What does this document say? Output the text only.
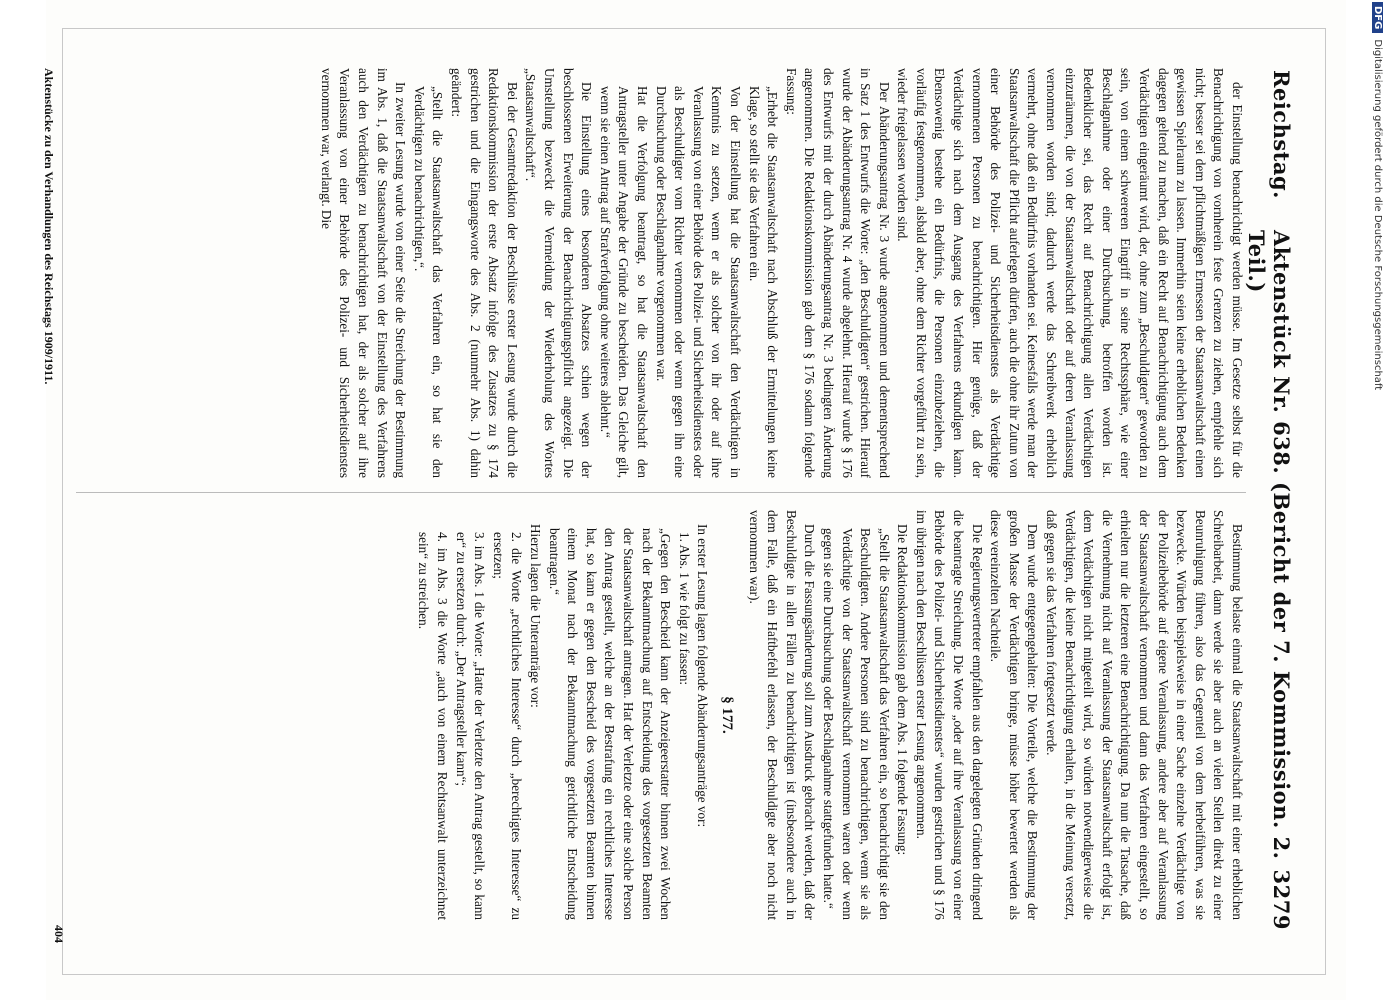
Reichstag.
Aktenstück Nr. 638. (Bericht der 7. Kommission. 2. Teil.)
3279

der Einstellung benachrichtigt werden müsse. Im Gesetze selbst für die Benachrichtigung von vornherein feste Grenzen zu ziehen, empfehle sich nicht; besser sei dem pflichtmäßigen Ermessen der Staatsanwaltschaft einen gewissen Spielraum zu lassen. Immerhin seien keine erheblichen Bedenken dagegen geltend zu machen, daß ein Recht auf Benachrichtigung auch dem Verdächtigen eingeräumt wird, der, ohne zum „Beschuldigten“ geworden zu sein, von einem schwereren Eingriff in seine Rechtssphäre, wie einer Beschlagnahme oder einer Durchsuchung, betroffen worden ist. Bedenklicher sei, das Recht auf Benachrichtigung allen Verdächtigen einzuräumen, die von der Staatsanwaltschaft oder auf deren Veranlassung vernommen worden sind; dadurch werde das Schreibwerk erheblich vermehrt, ohne daß ein Bedürfnis vorhanden sei. Keinesfalls werde man der Staatsanwaltschaft die Pflicht auferlegen dürfen, auch die ohne ihr Zutun von einer Behörde des Polizei- und Sicherheitsdienstes als Verdächtige vernommenen Personen zu benachrichtigen. Hier genüge, daß der Verdächtige sich nach dem Ausgang des Verfahrens erkundigen kann. Ebensowenig bestehe ein Bedürfnis, die Personen einzubeziehen, die vorläufig festgenommen, alsbald aber, ohne dem Richter vorgeführt zu sein, wieder freigelassen worden sind.

Der Abänderungsantrag Nr. 3 wurde angenommen und dementsprechend in Satz 1 des Entwurfs die Worte: „den Beschuldigten“ gestrichen. Hierauf wurde der Abänderungsantrag Nr. 4 wurde abgelehnt. Hierauf wurde § 176 des Entwurfs mit der durch Abänderungsantrag Nr. 3 bedingten Änderung angenommen. Die Redaktionskommission gab dem § 176 sodann folgende Fassung:

„Erhebt die Staatsanwaltschaft nach Abschluß der Ermittelungen keine Klage, so stellt sie das Verfahren ein.

Von der Einstellung hat die Staatsanwaltschaft den Verdächtigen in Kenntnis zu setzen, wenn er als solcher von ihr oder auf ihre Veranlassung von einer Behörde des Polizei- und Sicherheitsdienstes oder als Beschuldigter vom Richter vernommen oder wenn gegen ihn eine Durchsuchung oder Beschlagnahme vorgenommen war.

Hat die Verfolgung beantragt, so hat die Staatsanwaltschaft den Antragsteller unter Angabe der Gründe zu bescheiden. Das Gleiche gilt, wenn sie einen Antrag auf Strafverfolgung ohne weiteres ablehnt.“

Die Einstellung eines besonderen Absatzes schien wegen der beschlossenen Erweiterung der Benachrichtigungspflicht angezeigt. Die Umstellung bezweckt die Vermeidung der Wiederholung des Wortes „Staatsanwaltschaft“.

Bei der Gesamtredaktion der Beschlüsse erster Lesung wurde durch die Redaktionskommission der erste Absatz infolge des Zusatzes zu § 174 gestrichen und die Eingangsworte des Abs. 2 (nunmehr Abs. 1) dahin geändert:

„Stellt die Staatsanwaltschaft das Verfahren ein, so hat sie den Verdächtigen zu benachrichtigen,“.

In zweiter Lesung wurde von einer Seite die Streichung der Bestimmung im Abs. 1, daß die Staatsanwaltschaft von der Einstellung des Verfahrens auch den Verdächtigen zu benachrichtigen hat, der als solcher auf ihre Veranlassung von einer Behörde des Polizei- und Sicherheitsdienstes vernommen war, verlangt. Die

Bestimmung belaste einmal die Staatsanwaltschaft mit einer erheblichen Schreibarbeit, dann werde sie aber auch an vielen Stellen direkt zu einer Beunruhigung führen, also das Gegenteil von dem herbeiführen, was sie bezwecke. Würden beispielsweise in einer Sache einzelne Verdächtige von der Polizeibehörde auf eigene Veranlassung, andere aber auf Veranlassung der Staatsanwaltschaft vernommen und dann das Verfahren eingestellt, so erhielten nur die letzteren eine Benachrichtigung. Da nun die Tatsache, daß die Vernehmung nicht auf Veranlassung der Staatsanwaltschaft erfolgt ist, dem Verdächtigen nicht mitgeteilt wird, so würden notwendigerweise die Verdächtigen, die keine Benachrichtigung erhalten, in die Meinung versetzt, daß gegen sie das Verfahren fortgesetzt werde.

Dem wurde entgegengehalten: Die Vorteile, welche die Bestimmung der großen Masse der Verdächtigen bringe, müsse höher bewertet werden als diese vereinzelten Nachteile.

Die Regierungsvertreter empfahlen aus den dargelegten Gründen dringend die beantragte Streichung. Die Worte „oder auf ihre Veranlassung von einer Behörde des Polizei- und Sicherheitsdienstes“ wurden gestrichen und § 176 im übrigen nach den Beschlüssen erster Lesung angenommen.

Die Redaktionskommission gab dem Abs. 1 folgende Fassung:

„Stellt die Staatsanwaltschaft das Verfahren ein, so benachrichtigt sie den Beschuldigten. Andere Personen sind zu benachrichtigen, wenn sie als Verdächtige von der Staatsanwaltschaft vernommen waren oder wenn gegen sie eine Durchsuchung oder Beschlagnahme stattgefunden hatte.“

Durch die Fassungsänderung soll zum Ausdruck gebracht werden, daß der Beschuldigte in allen Fällen zu benachrichtigen ist (insbesondere auch in dem Falle, daß ein Haftbefehl erlassen, der Beschuldigte aber noch nicht vernommen war).

§ 177.

In erster Lesung lagen folgende Abänderungsanträge vor:

1. Abs. 1 wie folgt zu fassen:

„Gegen den Bescheid kann der Anzeigeerstatter binnen zwei Wochen nach der Bekanntmachung auf Entscheidung des vorgesetzten Beamten der Staatsanwaltschaft antragen. Hat der Verletzte oder eine solche Person den Antrag gestellt, welche an der Bestrafung ein rechtliches Interesse hat, so kann er gegen den Bescheid des vorgesetzten Beamten binnen einem Monat nach der Bekanntmachung gerichtliche Entscheidung beantragen.“

Hierzu lagen die Unteranträge vor:

2. die Worte „rechtliches Interesse“ durch „berechtigtes Interesse“ zu ersetzen;

3. im Abs. 1 die Worte: „Hatte der Verletzte den Antrag gestellt, so kann er“ zu ersetzen durch: „Der Antragsteller kann“;

4. im Abs. 3 die Worte „auch von einem Rechtsanwalt unterzeichnet sein“ zu streichen.

Aktenstücke zu den Verhandlungen des Reichstags 1909/1911.
404
DFGDigitalisierung gefördert durch die Deutsche Forschungsgemeinschaft
